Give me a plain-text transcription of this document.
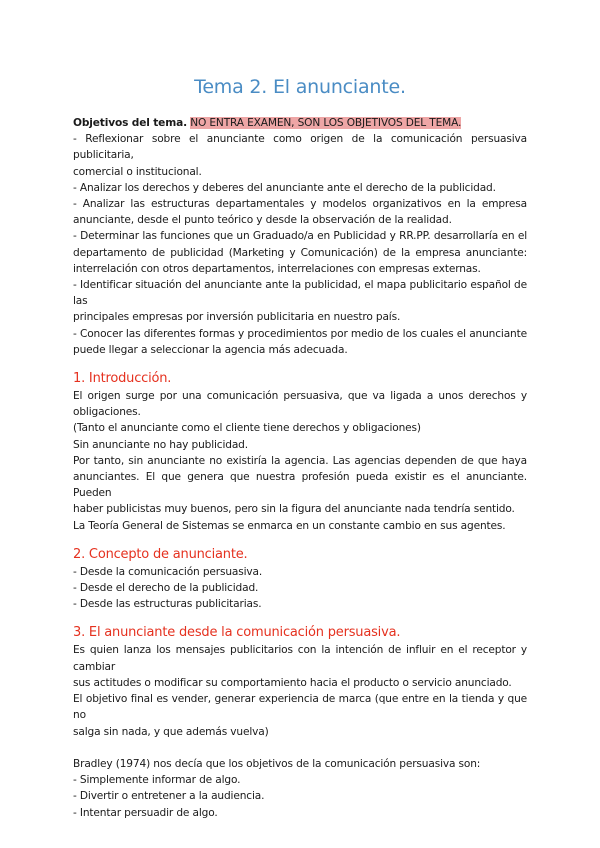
Tema 2. El anunciante.
Objetivos del tema. NO ENTRA EXAMEN, SON LOS OBJETIVOS DEL TEMA.
- Reflexionar sobre el anunciante como origen de la comunicación persuasiva publicitaria,
comercial o institucional.
- Analizar los derechos y deberes del anunciante ante el derecho de la publicidad.
- Analizar las estructuras departamentales y modelos organizativos en la empresa
anunciante, desde el punto teórico y desde la observación de la realidad.
- Determinar las funciones que un Graduado/a en Publicidad y RR.PP. desarrollaría en el
departamento de publicidad (Marketing y Comunicación) de la empresa anunciante:
interrelación con otros departamentos, interrelaciones con empresas externas.
- Identificar situación del anunciante ante la publicidad, el mapa publicitario español de las
principales empresas por inversión publicitaria en nuestro país.
- Conocer las diferentes formas y procedimientos por medio de los cuales el anunciante
puede llegar a seleccionar la agencia más adecuada.
1. Introducción.
El origen surge por una comunicación persuasiva, que va ligada a unos derechos y
obligaciones.
(Tanto el anunciante como el cliente tiene derechos y obligaciones)
Sin anunciante no hay publicidad.
Por tanto, sin anunciante no existiría la agencia. Las agencias dependen de que haya
anunciantes. El que genera que nuestra profesión pueda existir es el anunciante. Pueden
haber publicistas muy buenos, pero sin la figura del anunciante nada tendría sentido.
La Teoría General de Sistemas se enmarca en un constante cambio en sus agentes.
2. Concepto de anunciante.
- Desde la comunicación persuasiva.
- Desde el derecho de la publicidad.
- Desde las estructuras publicitarias.
3. El anunciante desde la comunicación persuasiva.
Es quien lanza los mensajes publicitarios con la intención de influir en el receptor y cambiar
sus actitudes o modificar su comportamiento hacia el producto o servicio anunciado.
El objetivo final es vender, generar experiencia de marca (que entre en la tienda y que no
salga sin nada, y que además vuelva)
Bradley (1974) nos decía que los objetivos de la comunicación persuasiva son:
- Simplemente informar de algo.
- Divertir o entretener a la audiencia.
- Intentar persuadir de algo.
